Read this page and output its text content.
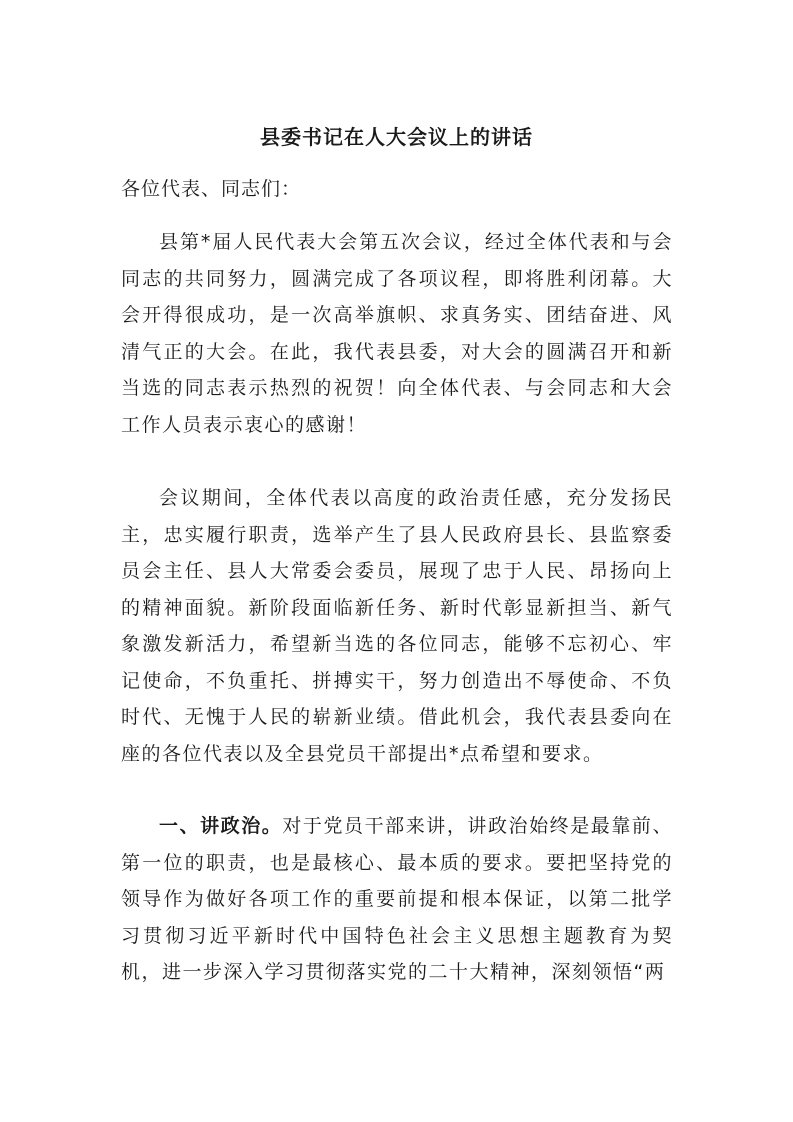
县委书记在人大会议上的讲话
各位代表、同志们：

县第*届人民代表大会第五次会议，经过全体代表和与会同志的共同努力，圆满完成了各项议程，即将胜利闭幕。大会开得很成功，是一次高举旗帜、求真务实、团结奋进、风清气正的大会。在此，我代表县委，对大会的圆满召开和新当选的同志表示热烈的祝贺！向全体代表、与会同志和大会工作人员表示衷心的感谢！

会议期间，全体代表以高度的政治责任感，充分发扬民主，忠实履行职责，选举产生了县人民政府县长、县监察委员会主任、县人大常委会委员，展现了忠于人民、昂扬向上的精神面貌。新阶段面临新任务、新时代彰显新担当、新气象激发新活力，希望新当选的各位同志，能够不忘初心、牢记使命，不负重托、拼搏实干，努力创造出不辱使命、不负时代、无愧于人民的崭新业绩。借此机会，我代表县委向在座的各位代表以及全县党员干部提出*点希望和要求。

一、讲政治。对于党员干部来讲，讲政治始终是最靠前、第一位的职责，也是最核心、最本质的要求。要把坚持党的领导作为做好各项工作的重要前提和根本保证，以第二批学习贯彻习近平新时代中国特色社会主义思想主题教育为契机，进一步深入学习贯彻落实党的二十大精神，深刻领悟“两
